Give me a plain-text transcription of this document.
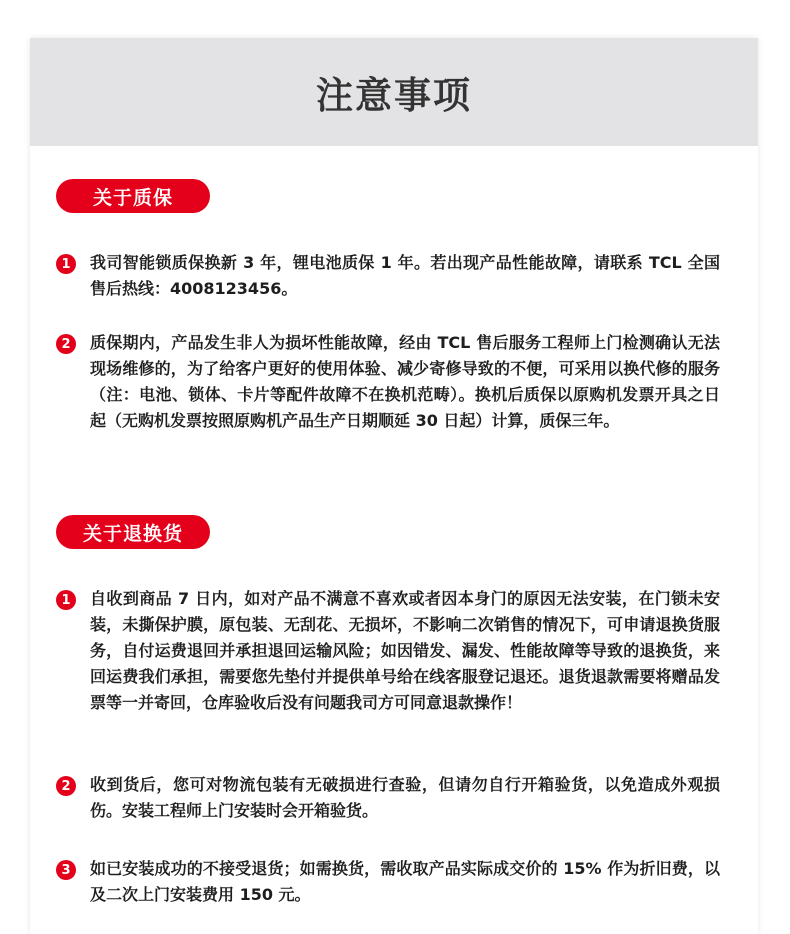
注意事项
关于质保
1	我司智能锁质保换新 3 年，锂电池质保 1 年。若出现产品性能故障，请联系 TCL 全国售后热线：4008123456。
2	质保期内，产品发生非人为损坏性能故障，经由 TCL 售后服务工程师上门检测确认无法现场维修的，为了给客户更好的使用体验、减少寄修导致的不便，可采用以换代修的服务（注：电池、锁体、卡片等配件故障不在换机范畴）。换机后质保以原购机发票开具之日起（无购机发票按照原购机产品生产日期顺延 30 日起）计算，质保三年。
关于退换货
1	自收到商品 7 日内，如对产品不满意不喜欢或者因本身门的原因无法安装，在门锁未安装，未撕保护膜，原包装、无刮花、无损坏，不影响二次销售的情况下，可申请退换货服务，自付运费退回并承担退回运输风险；如因错发、漏发、性能故障等导致的退换货，来回运费我们承担，需要您先垫付并提供单号给在线客服登记退还。退货退款需要将赠品发票等一并寄回，仓库验收后没有问题我司方可同意退款操作！
2	收到货后，您可对物流包装有无破损进行查验，但请勿自行开箱验货，以免造成外观损伤。安装工程师上门安装时会开箱验货。
3	如已安装成功的不接受退货；如需换货，需收取产品实际成交价的 15% 作为折旧费，以及二次上门安装费用 150 元。
